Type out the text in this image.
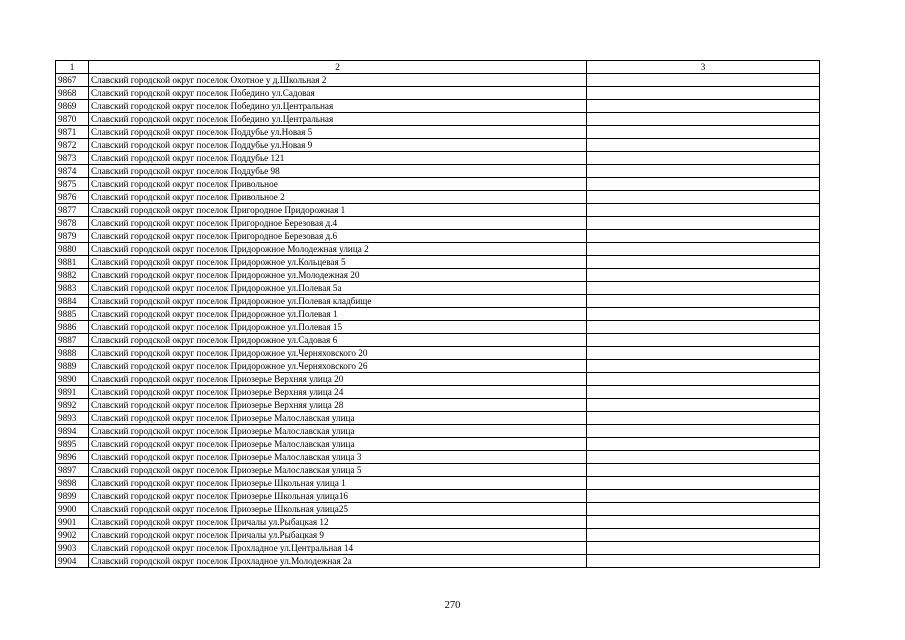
1	2	3
9867	Славский городской округ поселок Охотное у д.Школьная 2	
9868	Славский городской округ поселок Победино ул.Садовая	
9869	Славский городской округ поселок Победино ул.Центральная	
9870	Славский городской округ поселок Победино ул.Центральная	
9871	Славский городской округ поселок Поддубье ул.Новая 5	
9872	Славский городской округ поселок Поддубье ул.Новая 9	
9873	Славский городской округ поселок Поддубье 121	
9874	Славский городской округ поселок Поддубье 98	
9875	Славский городской округ поселок Привольное	
9876	Славский городской округ поселок Привольное 2	
9877	Славский городской округ поселок Пригородное Придорожная 1	
9878	Славский городской округ поселок Пригородное Березовая д.4	
9879	Славский городской округ поселок Пригородное Березовая д.6	
9880	Славский городской округ поселок Придорожное Молодежная улица 2	
9881	Славский городской округ поселок Придорожное ул.Кольцевая 5	
9882	Славский городской округ поселок Придорожное ул.Молодежная 20	
9883	Славский городской округ поселок Придорожное ул.Полевая 5а	
9884	Славский городской округ поселок Придорожное ул.Полевая кладбище	
9885	Славский городской округ поселок Придорожное ул.Полевая 1	
9886	Славский городской округ поселок Придорожное ул.Полевая 15	
9887	Славский городской округ поселок Придорожное ул.Садовая 6	
9888	Славский городской округ поселок Придорожное ул.Черняховского 20	
9889	Славский городской округ поселок Придорожное ул.Черняховского 26	
9890	Славский городской округ поселок Приозерье Верхняя улица 20	
9891	Славский городской округ поселок Приозерье Верхняя улица 24	
9892	Славский городской округ поселок Приозерье Верхняя улица 28	
9893	Славский городской округ поселок Приозерье Малославская улица	
9894	Славский городской округ поселок Приозерье Малославская улица	
9895	Славский городской округ поселок Приозерье Малославская улица	
9896	Славский городской округ поселок Приозерье Малославская улица 3	
9897	Славский городской округ поселок Приозерье Малославская улица 5	
9898	Славский городской округ поселок Приозерье Школьная улица 1	
9899	Славский городской округ поселок Приозерье Школьная улица16	
9900	Славский городской округ поселок Приозерье Школьная улица25	
9901	Славский городской округ поселок Причалы ул.Рыбацкая 12	
9902	Славский городской округ поселок Причалы ул.Рыбацкая 9	
9903	Славский городской округ поселок Прохладное ул.Центральная 14	
9904	Славский городской округ поселок Прохладное ул.Молодежная 2а	
270
